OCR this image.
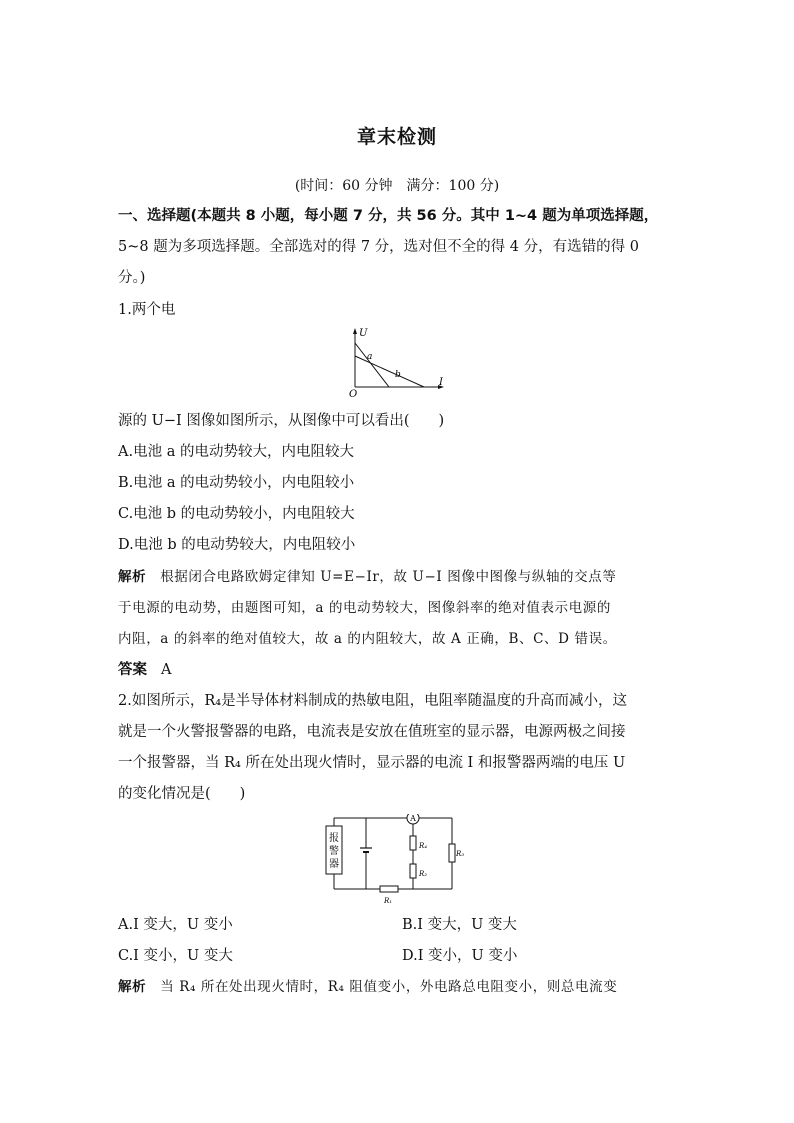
章末检测
(时间：60 分钟　满分：100 分)
一、选择题(本题共 8 小题，每小题 7 分，共 56 分。其中 1~4 题为单项选择题，
5~8 题为多项选择题。全部选对的得 7 分，选对但不全的得 4 分，有选错的得 0
分。)
1.两个电
U
I
O
a
b
源的 U−I 图像如图所示，从图像中可以看出(　　)
A.电池 a 的电动势较大，内电阻较大
B.电池 a 的电动势较小，内电阻较小
C.电池 b 的电动势较小，内电阻较大
D.电池 b 的电动势较大，内电阻较小
解析 根据闭合电路欧姆定律知 U=E−Ir，故 U−I 图像中图像与纵轴的交点等
于电源的电动势，由题图可知，a 的电动势较大，图像斜率的绝对值表示电源的
内阻，a 的斜率的绝对值较大，故 a 的内阻较大，故 A 正确，B、C、D 错误。
答案 A
2.如图所示，R₄是半导体材料制成的热敏电阻，电阻率随温度的升高而减小，这
就是一个火警报警器的电路，电流表是安放在值班室的显示器，电源两极之间接
一个报警器，当 R₄ 所在处出现火情时，显示器的电流 I 和报警器两端的电压 U
的变化情况是(　　)
报
警
器
A
R₄
R₂
R₃
R₁
A.I 变大，U 变小	B.I 变大，U 变大
C.I 变小，U 变大	D.I 变小，U 变小
解析 当 R₄ 所在处出现火情时，R₄ 阻值变小，外电路总电阻变小，则总电流变
